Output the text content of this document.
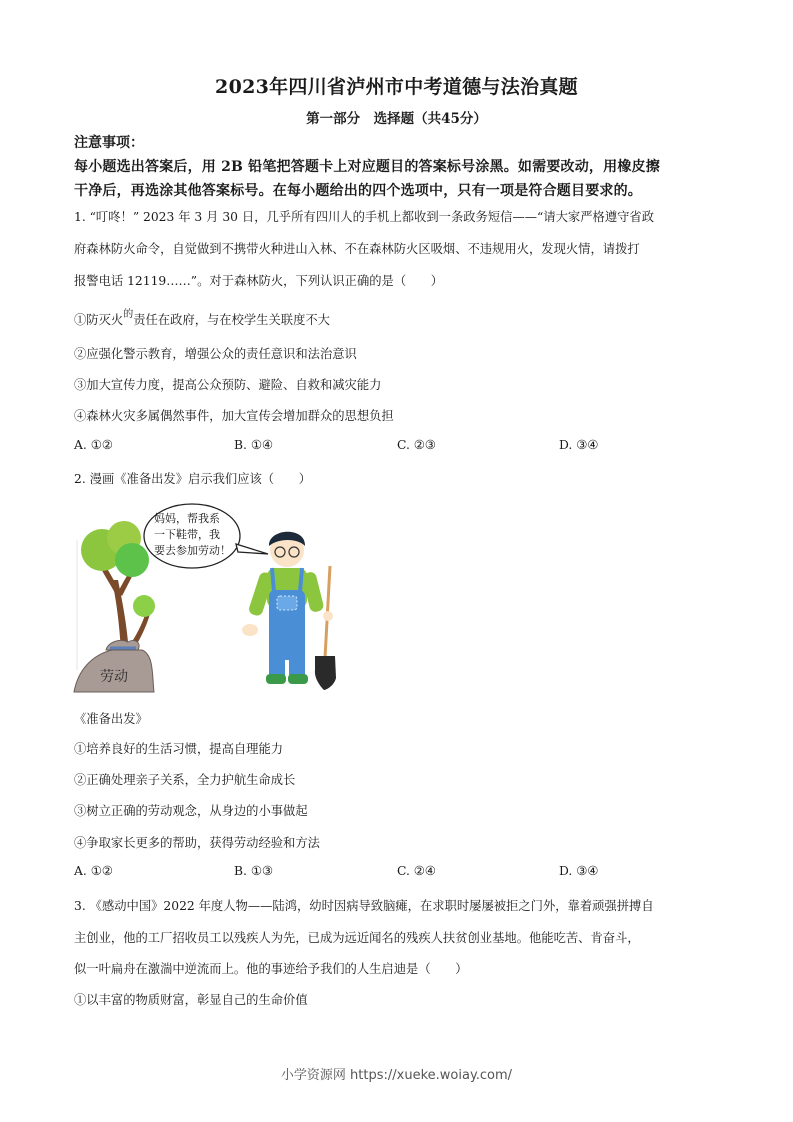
2023年四川省泸州市中考道德与法治真题
第一部分　选择题（共45分）
注意事项：
每小题选出答案后，用 2B 铅笔把答题卡上对应题目的答案标号涂黑。如需要改动，用橡皮擦
干净后，再选涂其他答案标号。在每小题给出的四个选项中，只有一项是符合题目要求的。
1. “叮咚！” 2023 年 3 月 30 日，几乎所有四川人的手机上都收到一条政务短信——“请大家严格遵守省政
府森林防火命令，自觉做到不携带火种进山入林、不在森林防火区吸烟、不违规用火，发现火情，请拨打
报警电话 12119……”。对于森林防火，下列认识正确的是（　　）
①防灭火$^的$责任在政府，与在校学生关联度不大
②应强化警示教育，增强公众的责任意识和法治意识
③加大宣传力度，提高公众预防、避险、自救和减灾能力
④森林火灾多属偶然事件，加大宣传会增加群众的思想负担
A. ①②	B. ①④	C. ②③	D. ③④
2. 漫画《准备出发》启示我们应该（　　）
劳动
妈妈，帮我系
一下鞋带，我
要去参加劳动！
《准备出发》
①培养良好的生活习惯，提高自理能力
②正确处理亲子关系，全力护航生命成长
③树立正确的劳动观念，从身边的小事做起
④争取家长更多的帮助，获得劳动经验和方法
A. ①②	B. ①③	C. ②④	D. ③④
3. 《感动中国》2022 年度人物——陆鸿，幼时因病导致脑瘫，在求职时屡屡被拒之门外，靠着顽强拼搏自
主创业，他的工厂招收员工以残疾人为先，已成为远近闻名的残疾人扶贫创业基地。他能吃苦、肯奋斗，
似一叶扁舟在激湍中逆流而上。他的事迹给予我们的人生启迪是（　　）
①以丰富的物质财富，彰显自己的生命价值
小学资源网 https://xueke.woiay.com/
